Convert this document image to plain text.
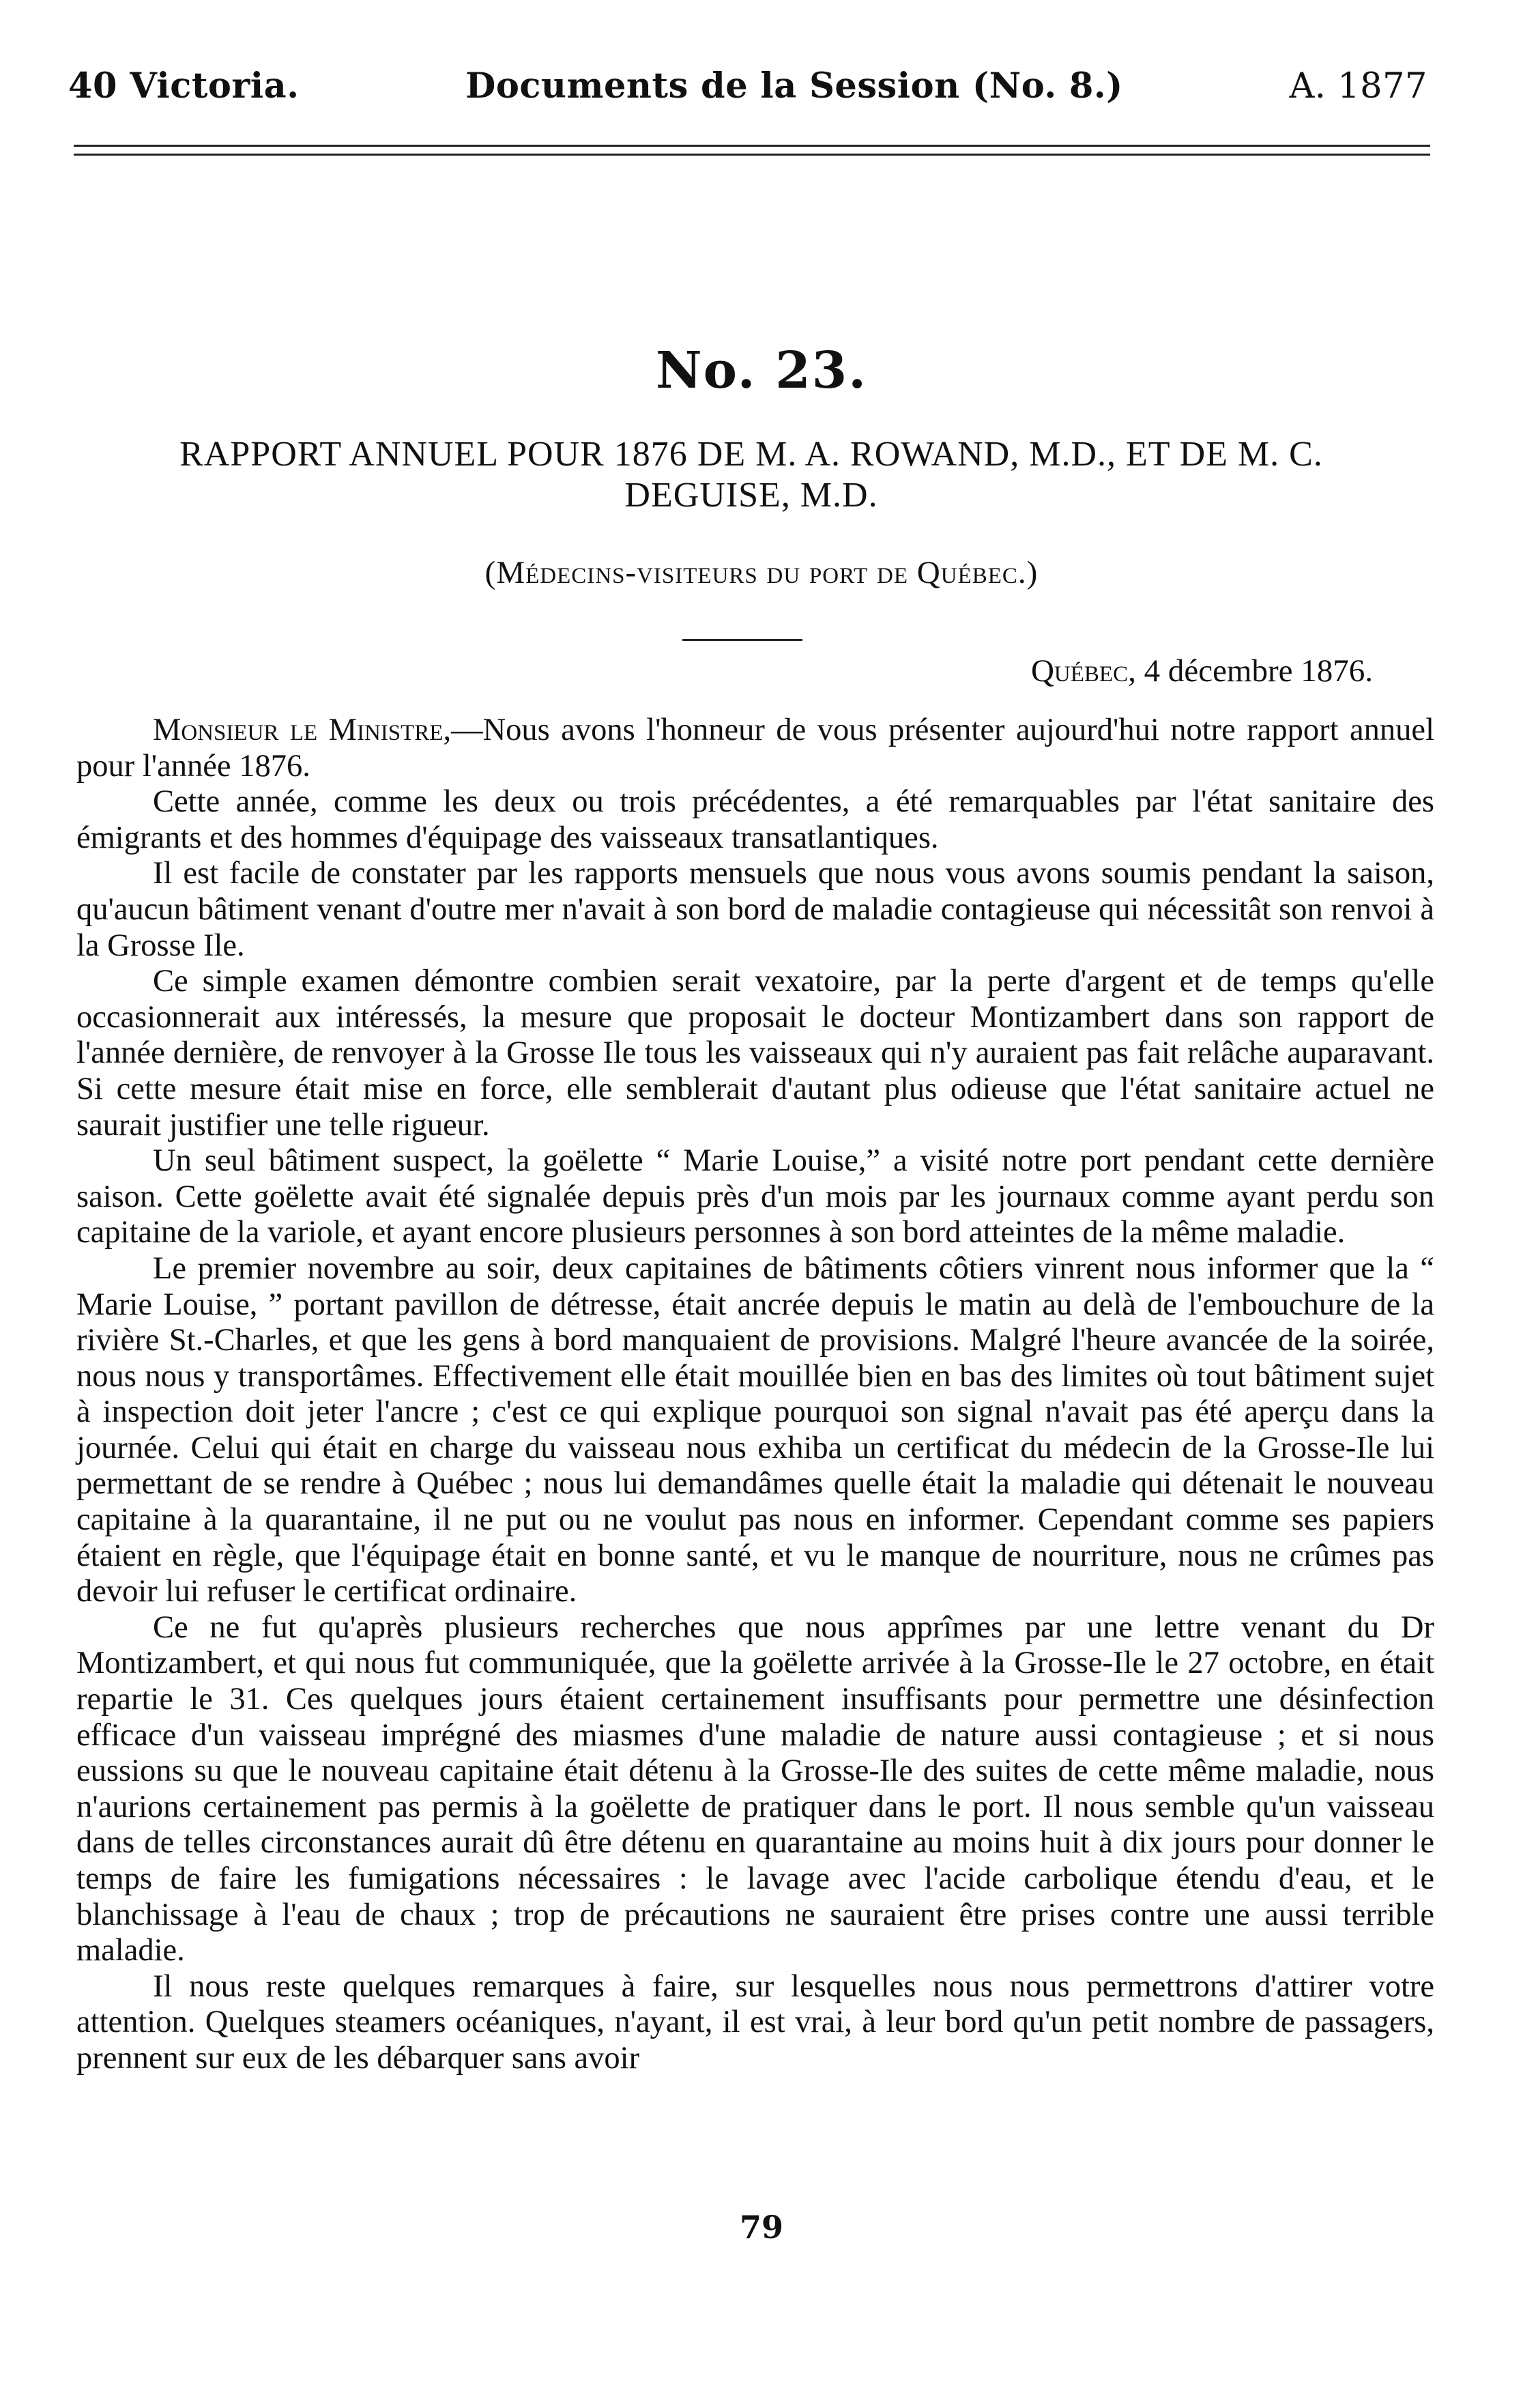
40 Victoria.	Documents de la Session (No. 8.)	A. 1877
No. 23.
RAPPORT ANNUEL POUR 1876 DE M. A. ROWAND, M.D., ET DE M. C.
DEGUISE, M.D.
(Médecins-visiteurs du port de Québec.)
Québec, 4 décembre 1876.

Monsieur le Ministre,—Nous avons l'honneur de vous présenter aujourd'hui notre rapport annuel pour l'année 1876.

Cette année, comme les deux ou trois précédentes, a été remarquables par l'état sanitaire des émigrants et des hommes d'équipage des vaisseaux transatlantiques.

Il est facile de constater par les rapports mensuels que nous vous avons soumis pendant la saison, qu'aucun bâtiment venant d'outre mer n'avait à son bord de maladie contagieuse qui nécessitât son renvoi à la Grosse Ile.

Ce simple examen démontre combien serait vexatoire, par la perte d'argent et de temps qu'elle occasionnerait aux intéressés, la mesure que proposait le docteur Montizambert dans son rapport de l'année dernière, de renvoyer à la Grosse Ile tous les vaisseaux qui n'y auraient pas fait relâche auparavant. Si cette mesure était mise en force, elle semblerait d'autant plus odieuse que l'état sanitaire actuel ne saurait justifier une telle rigueur.

Un seul bâtiment suspect, la goëlette “ Marie Louise,” a visité notre port pendant cette dernière saison. Cette goëlette avait été signalée depuis près d'un mois par les journaux comme ayant perdu son capitaine de la variole, et ayant encore plusieurs personnes à son bord atteintes de la même maladie.

Le premier novembre au soir, deux capitaines de bâtiments côtiers vinrent nous informer que la “ Marie Louise, ” portant pavillon de détresse, était ancrée depuis le matin au delà de l'embouchure de la rivière St.-Charles, et que les gens à bord manquaient de provisions. Malgré l'heure avancée de la soirée, nous nous y transportâmes. Effectivement elle était mouillée bien en bas des limites où tout bâtiment sujet à inspection doit jeter l'ancre ; c'est ce qui explique pourquoi son signal n'avait pas été aperçu dans la journée. Celui qui était en charge du vaisseau nous exhiba un certificat du médecin de la Grosse-Ile lui permettant de se rendre à Québec ; nous lui demandâmes quelle était la maladie qui détenait le nouveau capitaine à la quarantaine, il ne put ou ne voulut pas nous en informer. Cependant comme ses papiers étaient en règle, que l'équipage était en bonne santé, et vu le manque de nourriture, nous ne crûmes pas devoir lui refuser le certificat ordinaire.

Ce ne fut qu'après plusieurs recherches que nous apprîmes par une lettre venant du Dr Montizambert, et qui nous fut communiquée, que la goëlette arrivée à la Grosse-Ile le 27 octobre, en était repartie le 31. Ces quelques jours étaient certainement insuffisants pour permettre une désinfection efficace d'un vaisseau imprégné des miasmes d'une maladie de nature aussi contagieuse ; et si nous eussions su que le nouveau capitaine était détenu à la Grosse-Ile des suites de cette même maladie, nous n'aurions certainement pas permis à la goëlette de pratiquer dans le port. Il nous semble qu'un vaisseau dans de telles circonstances aurait dû être détenu en quarantaine au moins huit à dix jours pour donner le temps de faire les fumigations nécessaires : le lavage avec l'acide carbolique étendu d'eau, et le blanchissage à l'eau de chaux ; trop de précautions ne sauraient être prises contre une aussi terrible maladie.

Il nous reste quelques remarques à faire, sur lesquelles nous nous permettrons d'attirer votre attention. Quelques steamers océaniques, n'ayant, il est vrai, à leur bord qu'un petit nombre de passagers, prennent sur eux de les débarquer sans avoir

79
